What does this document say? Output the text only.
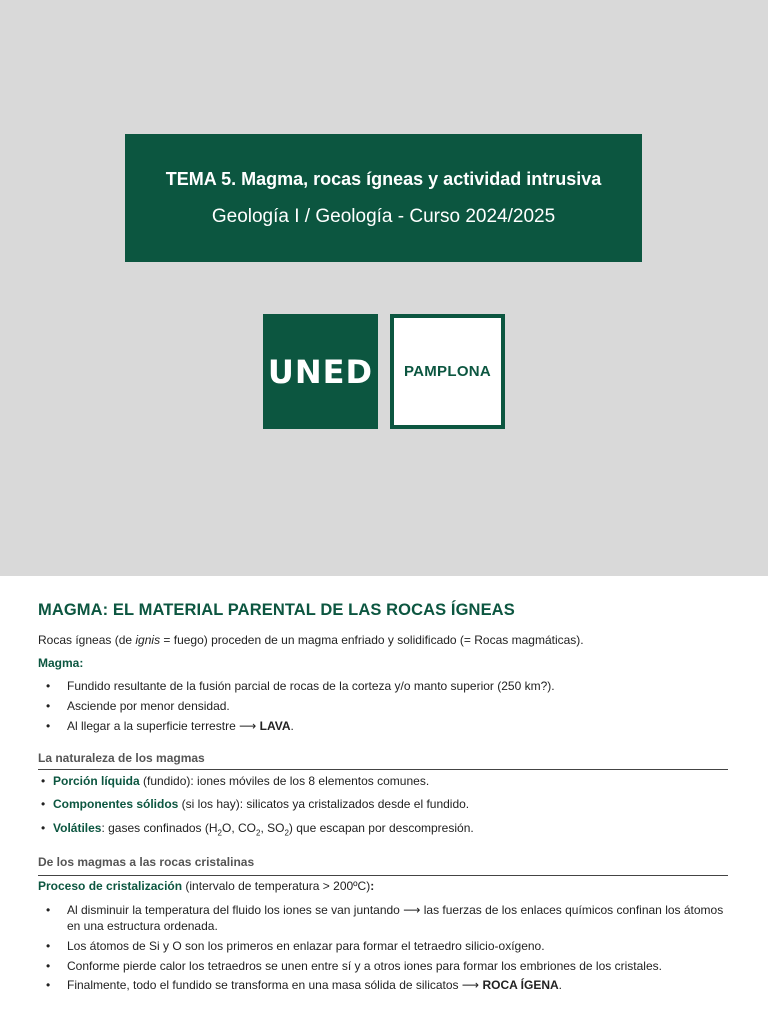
TEMA 5. Magma, rocas ígneas y actividad intrusiva
Geología I / Geología - Curso 2024/2025
UNED PAMPLONA
MAGMA: EL MATERIAL PARENTAL DE LAS ROCAS ÍGNEAS
Rocas ígneas (de ignis = fuego) proceden de un magma enfriado y solidificado (= Rocas magmáticas).
Magma:
• Fundido resultante de la fusión parcial de rocas de la corteza y/o manto superior (250 km?).
• Asciende por menor densidad.
• Al llegar a la superficie terrestre ⟶ LAVA.
La naturaleza de los magmas
• Porción líquida (fundido): iones móviles de los 8 elementos comunes.
• Componentes sólidos (si los hay): silicatos ya cristalizados desde el fundido.
• Volátiles: gases confinados ($H_2O$, $CO_2$, $SO_2$) que escapan por descompresión.
De los magmas a las rocas cristalinas
Proceso de cristalización (intervalo de temperatura > 200ºC):
• Al disminuir la temperatura del fluido los iones se van juntando ⟶ las fuerzas de los enlaces químicos confinan los átomos
en una estructura ordenada.
• Los átomos de Si y O son los primeros en enlazar para formar el tetraedro silicio-oxígeno.
• Conforme pierde calor los tetraedros se unen entre sí y a otros iones para formar los embriones de los cristales.
• Finalmente, todo el fundido se transforma en una masa sólida de silicatos ⟶ ROCA ÍGENA.
